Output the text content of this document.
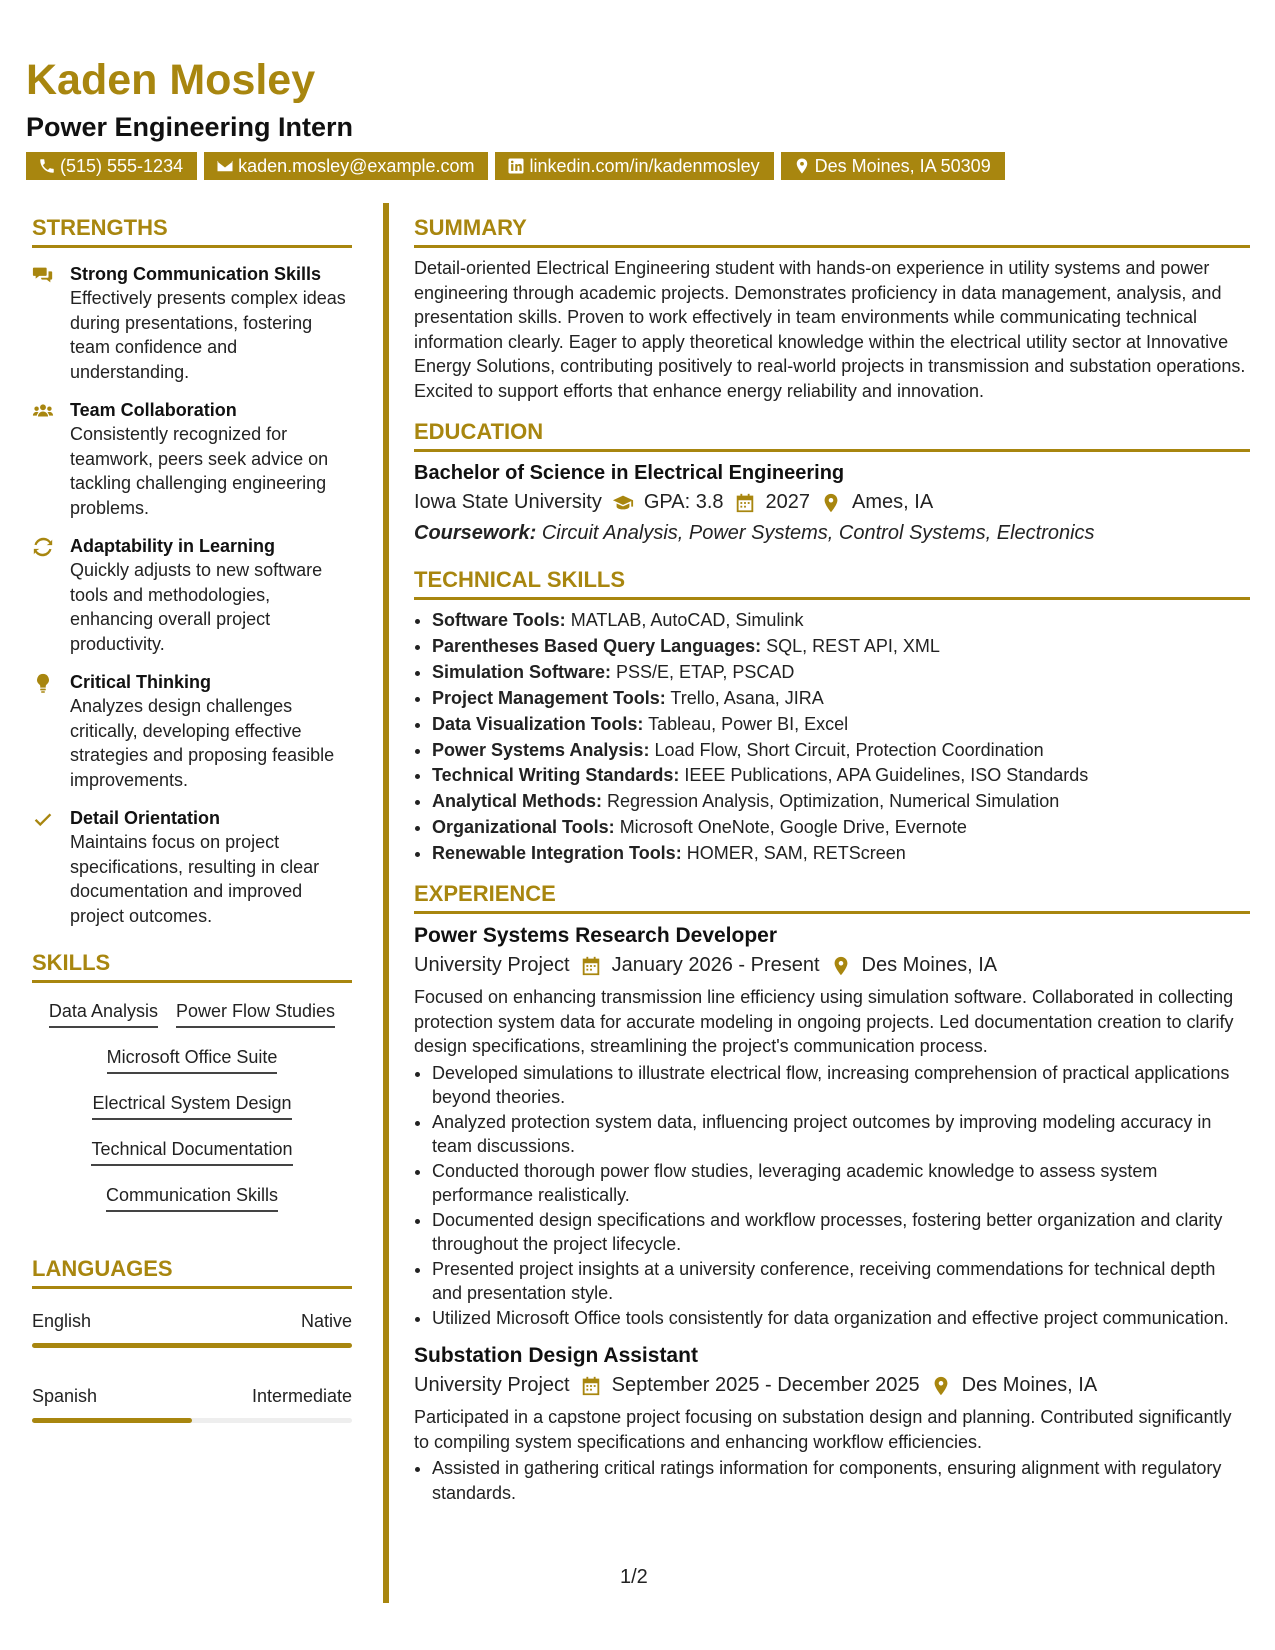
Kaden Mosley
Power Engineering Intern
(515) 555-1234	kaden.mosley@example.com	linkedin.com/in/kadenmosley	Des Moines, IA 50309
STRENGTHS
Strong Communication Skills
Effectively presents complex ideas during presentations, fostering team confidence and understanding.
Team Collaboration
Consistently recognized for teamwork, peers seek advice on tackling challenging engineering problems.
Adaptability in Learning
Quickly adjusts to new software tools and methodologies, enhancing overall project productivity.
Critical Thinking
Analyzes design challenges critically, developing effective strategies and proposing feasible improvements.
Detail Orientation
Maintains focus on project specifications, resulting in clear documentation and improved project outcomes.
SKILLS
Data Analysis Power Flow Studies
Microsoft Office Suite
Electrical System Design
Technical Documentation
Communication Skills
LANGUAGES
English	Native
Spanish	Intermediate
SUMMARY

Detail-oriented Electrical Engineering student with hands-on experience in utility systems and power engineering through academic projects. Demonstrates proficiency in data management, analysis, and presentation skills. Proven to work effectively in team environments while communicating technical information clearly. Eager to apply theoretical knowledge within the electrical utility sector at Innovative Energy Solutions, contributing positively to real-world projects in transmission and substation operations. Excited to support efforts that enhance energy reliability and innovation.

EDUCATION
Bachelor of Science in Electrical Engineering
Iowa State University GPA: 3.8 2027 Ames, IA
Coursework: Circuit Analysis, Power Systems, Control Systems, Electronics
TECHNICAL SKILLS
• Software Tools: MATLAB, AutoCAD, Simulink
• Parentheses Based Query Languages: SQL, REST API, XML
• Simulation Software: PSS/E, ETAP, PSCAD
• Project Management Tools: Trello, Asana, JIRA
• Data Visualization Tools: Tableau, Power BI, Excel
• Power Systems Analysis: Load Flow, Short Circuit, Protection Coordination
• Technical Writing Standards: IEEE Publications, APA Guidelines, ISO Standards
• Analytical Methods: Regression Analysis, Optimization, Numerical Simulation
• Organizational Tools: Microsoft OneNote, Google Drive, Evernote
• Renewable Integration Tools: HOMER, SAM, RETScreen
EXPERIENCE
Power Systems Research Developer
University Project January 2026 - Present Des Moines, IA

Focused on enhancing transmission line efficiency using simulation software. Collaborated in collecting protection system data for accurate modeling in ongoing projects. Led documentation creation to clarify design specifications, streamlining the project's communication process.

• Developed simulations to illustrate electrical flow, increasing comprehension of practical applications beyond theories.
• Analyzed protection system data, influencing project outcomes by improving modeling accuracy in team discussions.
• Conducted thorough power flow studies, leveraging academic knowledge to assess system performance realistically.
• Documented design specifications and workflow processes, fostering better organization and clarity throughout the project lifecycle.
• Presented project insights at a university conference, receiving commendations for technical depth and presentation style.
• Utilized Microsoft Office tools consistently for data organization and effective project communication.
Substation Design Assistant
University Project September 2025 - December 2025 Des Moines, IA

Participated in a capstone project focusing on substation design and planning. Contributed significantly to compiling system specifications and enhancing workflow efficiencies.

• Assisted in gathering critical ratings information for components, ensuring alignment with regulatory standards.
1/2
